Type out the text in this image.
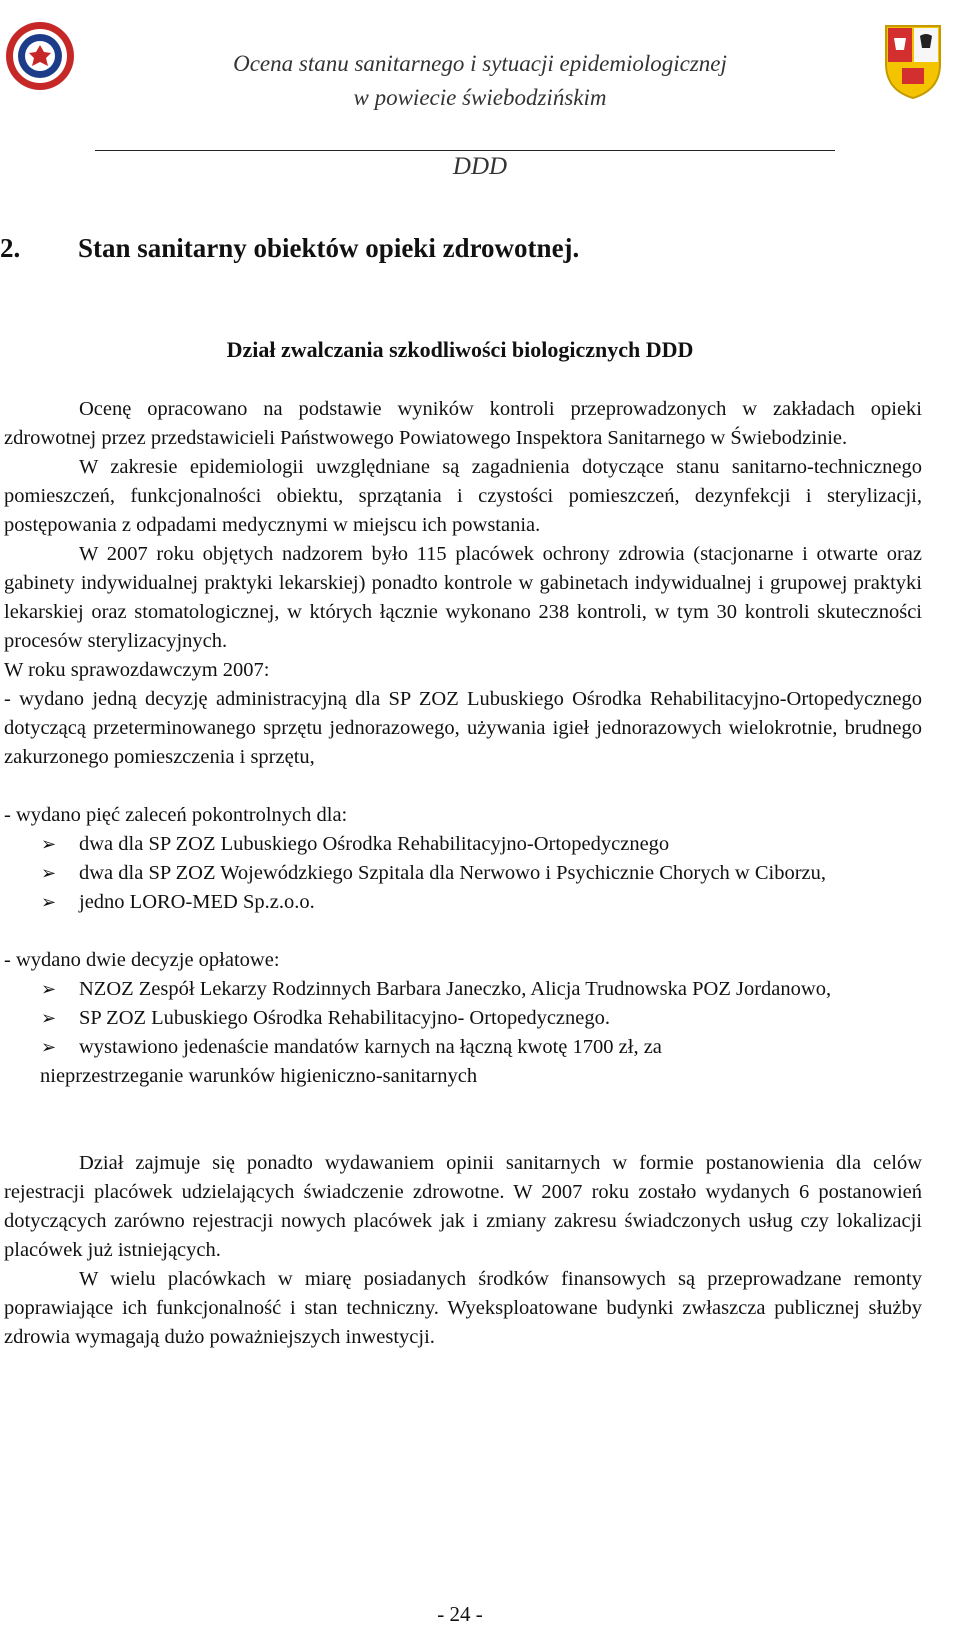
Ocena stanu sanitarnego i sytuacji epidemiologicznej
w powiecie świebodzińskim
DDD
2. Stan sanitarny obiektów opieki zdrowotnej.
Dział zwalczania szkodliwości biologicznych DDD

Ocenę opracowano na podstawie wyników kontroli przeprowadzonych w zakładach opieki zdrowotnej przez przedstawicieli Państwowego Powiatowego Inspektora Sanitarnego w Świebodzinie.

W zakresie epidemiologii uwzględniane są zagadnienia dotyczące stanu sanitarno-technicznego pomieszczeń, funkcjonalności obiektu, sprzątania i czystości pomieszczeń, dezynfekcji i sterylizacji, postępowania z odpadami medycznymi w miejscu ich powstania.

W 2007 roku objętych nadzorem było 115 placówek ochrony zdrowia (stacjonarne i otwarte oraz gabinety indywidualnej praktyki lekarskiej) ponadto kontrole w gabinetach indywidualnej i grupowej praktyki lekarskiej oraz stomatologicznej, w których łącznie wykonano 238 kontroli, w tym 30 kontroli skuteczności procesów sterylizacyjnych.

W roku sprawozdawczym 2007:

- wydano jedną decyzję administracyjną dla SP ZOZ Lubuskiego Ośrodka Rehabilitacyjno-Ortopedycznego dotyczącą przeterminowanego sprzętu jednorazowego, używania igieł jednorazowych wielokrotnie, brudnego zakurzonego pomieszczenia i sprzętu,

- wydano pięć zaleceń pokontrolnych dla:

➢ dwa dla SP ZOZ Lubuskiego Ośrodka Rehabilitacyjno-Ortopedycznego
➢ dwa dla SP ZOZ Wojewódzkiego Szpitala dla Nerwowo i Psychicznie Chorych w Ciborzu,
➢ jedno LORO-MED Sp.z.o.o.

- wydano dwie decyzje opłatowe:

➢ NZOZ Zespół Lekarzy Rodzinnych Barbara Janeczko, Alicja Trudnowska POZ Jordanowo,
➢ SP ZOZ Lubuskiego Ośrodka Rehabilitacyjno- Ortopedycznego.
➢ wystawiono jedenaście mandatów karnych na łączną kwotę 1700 zł, za

nieprzestrzeganie warunków higieniczno-sanitarnych

Dział zajmuje się ponadto wydawaniem opinii sanitarnych w formie postanowienia dla celów rejestracji placówek udzielających świadczenie zdrowotne. W 2007 roku zostało wydanych 6 postanowień dotyczących zarówno rejestracji nowych placówek jak i zmiany zakresu świadczonych usług czy lokalizacji placówek już istniejących.

W wielu placówkach w miarę posiadanych środków finansowych są przeprowadzane remonty poprawiające ich funkcjonalność i stan techniczny. Wyeksploatowane budynki zwłaszcza publicznej służby zdrowia wymagają dużo poważniejszych inwestycji.

- 24 -
